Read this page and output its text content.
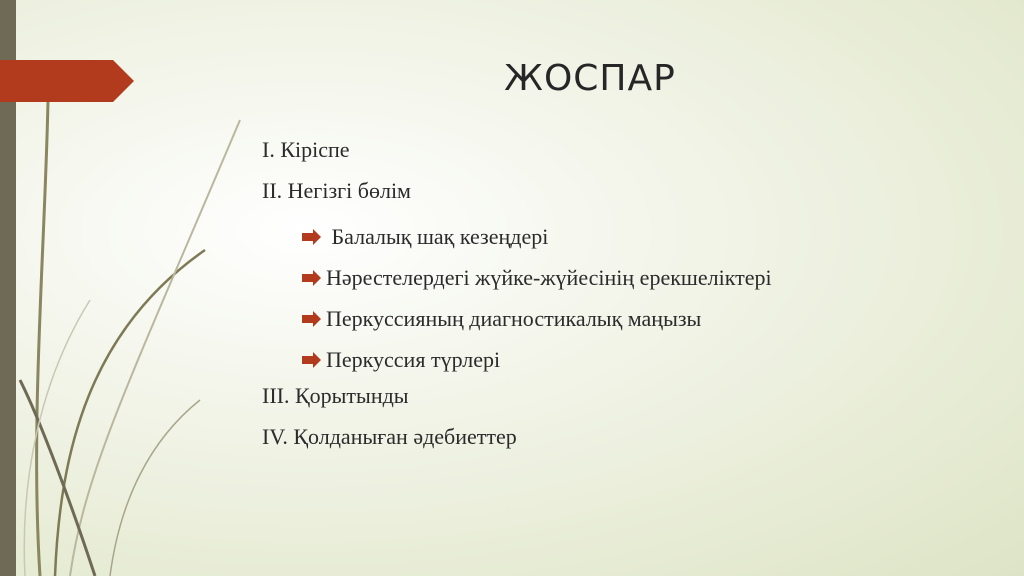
ЖОСПАР
I. Кіріспе
II. Негізгі бөлім
Балалық шақ кезеңдері
Нәрестелердегі жүйке-жүйесінің ерекшеліктері
Перкуссияның диагностикалық маңызы
Перкуссия түрлері
III. Қорытынды
IV. Қолданыған әдебиеттер
